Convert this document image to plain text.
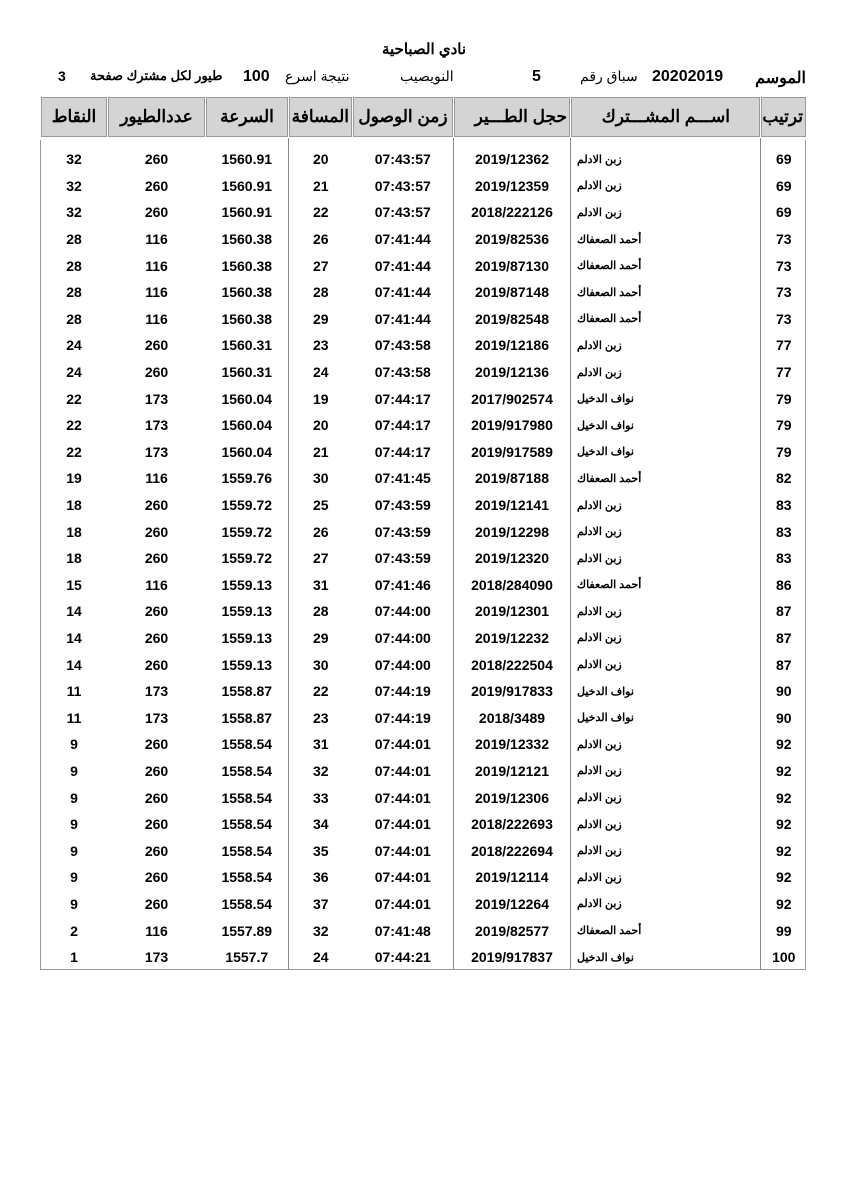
نادي الصباحية
الموسم
20202019
سباق رقم
5
النويصيب
نتيجة اسرع
100
طيور لكل مشترك صفحة
3
ترتيب	اســـم المشـــترك	حجل الطـــير	زمن الوصول	المسافة	السرعة	عددالطيور	النقاط
69	زبن الادلم	2019/12362	07:43:57	20	1560.91	260	32
69	زبن الادلم	2019/12359	07:43:57	21	1560.91	260	32
69	زبن الادلم	2018/222126	07:43:57	22	1560.91	260	32
73	أحمد الصعفاك	2019/82536	07:41:44	26	1560.38	116	28
73	أحمد الصعفاك	2019/87130	07:41:44	27	1560.38	116	28
73	أحمد الصعفاك	2019/87148	07:41:44	28	1560.38	116	28
73	أحمد الصعفاك	2019/82548	07:41:44	29	1560.38	116	28
77	زبن الادلم	2019/12186	07:43:58	23	1560.31	260	24
77	زبن الادلم	2019/12136	07:43:58	24	1560.31	260	24
79	نواف الدخيل	2017/902574	07:44:17	19	1560.04	173	22
79	نواف الدخيل	2019/917980	07:44:17	20	1560.04	173	22
79	نواف الدخيل	2019/917589	07:44:17	21	1560.04	173	22
82	أحمد الصعفاك	2019/87188	07:41:45	30	1559.76	116	19
83	زبن الادلم	2019/12141	07:43:59	25	1559.72	260	18
83	زبن الادلم	2019/12298	07:43:59	26	1559.72	260	18
83	زبن الادلم	2019/12320	07:43:59	27	1559.72	260	18
86	أحمد الصعفاك	2018/284090	07:41:46	31	1559.13	116	15
87	زبن الادلم	2019/12301	07:44:00	28	1559.13	260	14
87	زبن الادلم	2019/12232	07:44:00	29	1559.13	260	14
87	زبن الادلم	2018/222504	07:44:00	30	1559.13	260	14
90	نواف الدخيل	2019/917833	07:44:19	22	1558.87	173	11
90	نواف الدخيل	2018/3489	07:44:19	23	1558.87	173	11
92	زبن الادلم	2019/12332	07:44:01	31	1558.54	260	9
92	زبن الادلم	2019/12121	07:44:01	32	1558.54	260	9
92	زبن الادلم	2019/12306	07:44:01	33	1558.54	260	9
92	زبن الادلم	2018/222693	07:44:01	34	1558.54	260	9
92	زبن الادلم	2018/222694	07:44:01	35	1558.54	260	9
92	زبن الادلم	2019/12114	07:44:01	36	1558.54	260	9
92	زبن الادلم	2019/12264	07:44:01	37	1558.54	260	9
99	أحمد الصعفاك	2019/82577	07:41:48	32	1557.89	116	2
100	نواف الدخيل	2019/917837	07:44:21	24	1557.7	173	1
